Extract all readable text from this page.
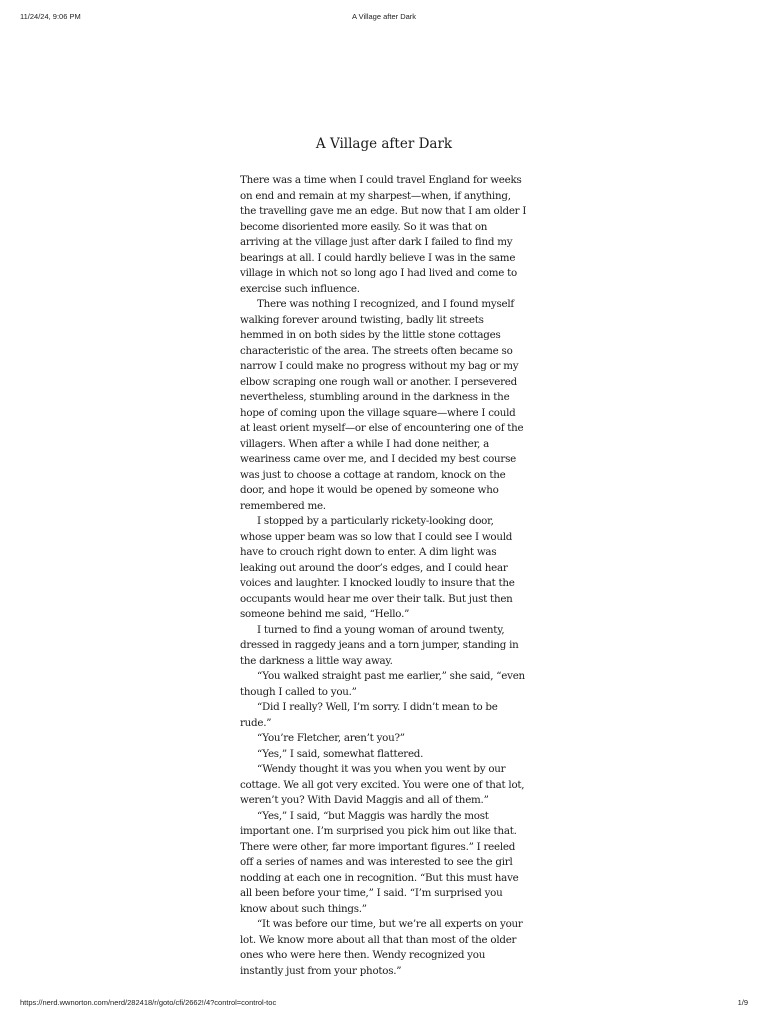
11/24/24, 9:06 PM	A Village after Dark
A Village after Dark

There was a time when I could travel England for weeks on end and remain at my sharpest—when, if anything, the travelling gave me an edge. But now that I am older I become disoriented more easily. So it was that on arriving at the village just after dark I failed to find my bearings at all. I could hardly believe I was in the same village in which not so long ago I had lived and come to exercise such influence.

There was nothing I recognized, and I found myself walking forever around twisting, badly lit streets hemmed in on both sides by the little stone cottages characteristic of the area. The streets often became so narrow I could make no progress without my bag or my elbow scraping one rough wall or another. I persevered nevertheless, stumbling around in the darkness in the hope of coming upon the village square—where I could at least orient myself—or else of encountering one of the villagers. When after a while I had done neither, a weariness came over me, and I decided my best course was just to choose a cottage at random, knock on the door, and hope it would be opened by someone who remembered me.

I stopped by a particularly rickety-looking door, whose upper beam was so low that I could see I would have to crouch right down to enter. A dim light was leaking out around the door’s edges, and I could hear voices and laughter. I knocked loudly to insure that the occupants would hear me over their talk. But just then someone behind me said, “Hello.”

I turned to find a young woman of around twenty, dressed in raggedy jeans and a torn jumper, standing in the darkness a little way away.

“You walked straight past me earlier,” she said, “even though I called to you.”

“Did I really? Well, I’m sorry. I didn’t mean to be rude.”

“You’re Fletcher, aren’t you?”

“Yes,” I said, somewhat flattered.

“Wendy thought it was you when you went by our cottage. We all got very excited. You were one of that lot, weren’t you? With David Maggis and all of them.”

“Yes,” I said, “but Maggis was hardly the most important one. I’m surprised you pick him out like that. There were other, far more important figures.” I reeled off a series of names and was interested to see the girl nodding at each one in recognition. “But this must have all been before your time,” I said. “I’m surprised you know about such things.”

“It was before our time, but we’re all experts on your lot. We know more about all that than most of the older ones who were here then. Wendy recognized you instantly just from your photos.”

https://nerd.wwnorton.com/nerd/282418/r/goto/cfi/2662!/4?control=control-toc	1/9
